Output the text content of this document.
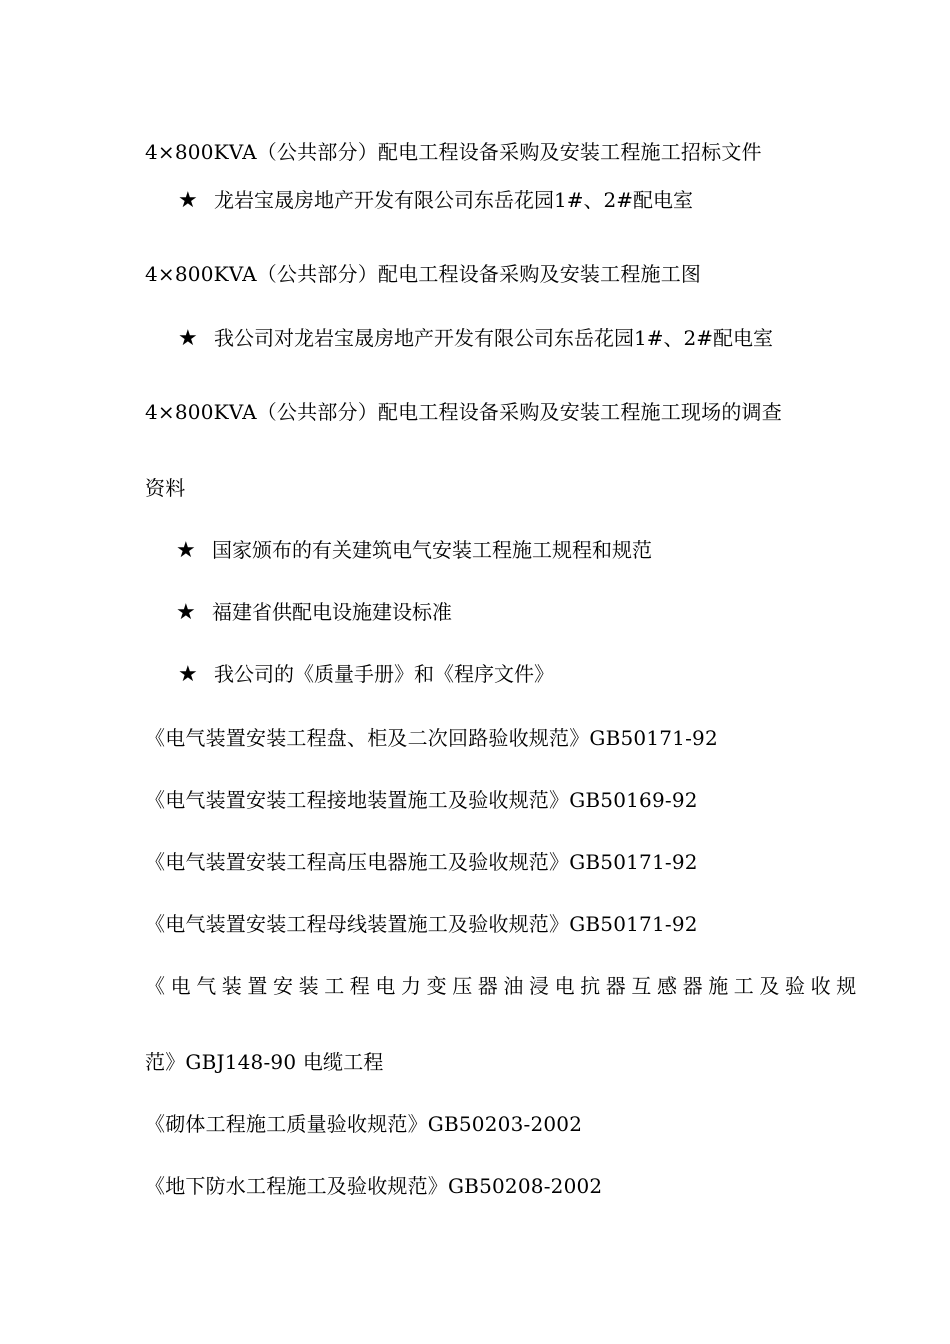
4×800KVA（公共部分）配电工程设备采购及安装工程施工招标文件
★ 龙岩宝晟房地产开发有限公司东岳花园1#、2#配电室
4×800KVA（公共部分）配电工程设备采购及安装工程施工图
★ 我公司对龙岩宝晟房地产开发有限公司东岳花园1#、2#配电室
4×800KVA（公共部分）配电工程设备采购及安装工程施工现场的调查
资料
★ 国家颁布的有关建筑电气安装工程施工规程和规范
★ 福建省供配电设施建设标准
★ 我公司的《质量手册》和《程序文件》
《电气装置安装工程盘、柜及二次回路验收规范》GB50171-92
《电气装置安装工程接地装置施工及验收规范》GB50169-92
《电气装置安装工程高压电器施工及验收规范》GB50171-92
《电气装置安装工程母线装置施工及验收规范》GB50171-92
《电气装置安装工程电力变压器油浸电抗器互感器施工及验收规
范》GBJ148-90 电缆工程
《砌体工程施工质量验收规范》GB50203-2002
《地下防水工程施工及验收规范》GB50208-2002
